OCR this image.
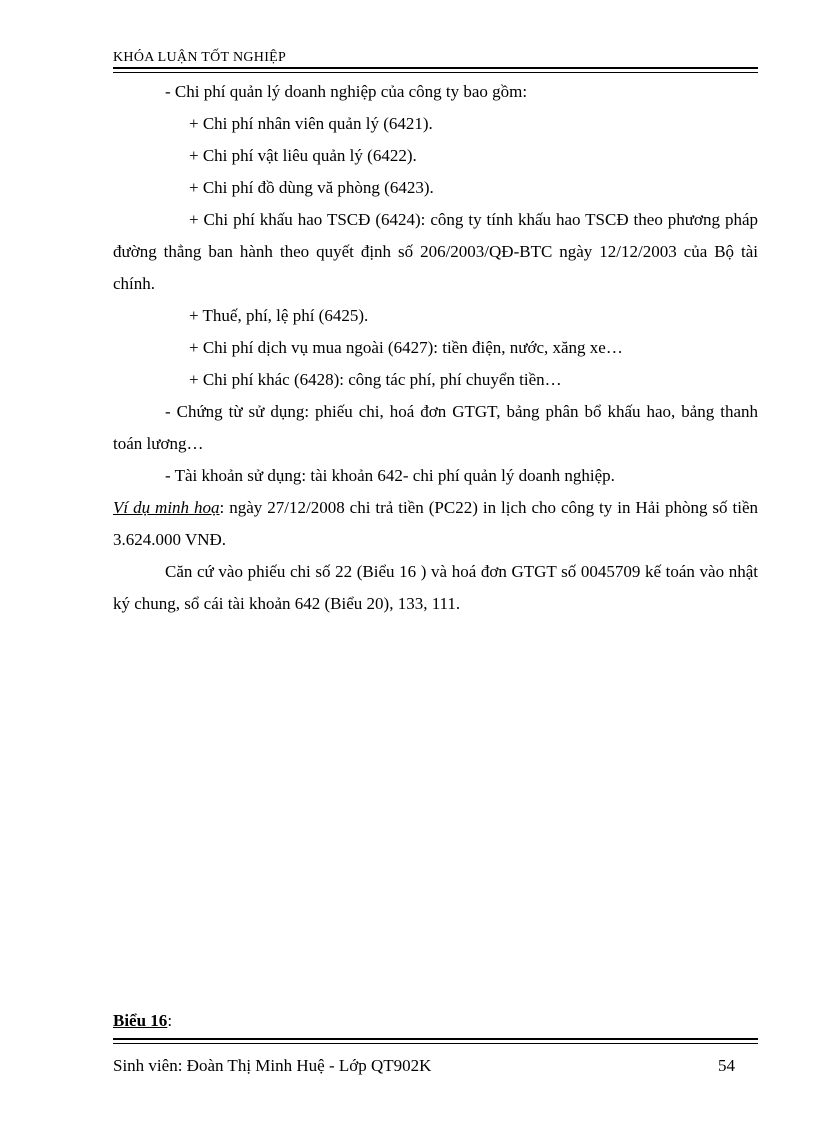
KHÓA LUẬN TỐT NGHIỆP

- Chi phí quản lý doanh nghiệp của công ty bao gồm:

+ Chi phí nhân viên quản lý (6421).

+ Chi phí vật liêu quản lý (6422).

+ Chi phí đồ dùng vă phòng (6423).

+ Chi phí khấu hao TSCĐ (6424): công ty tính khấu hao TSCĐ theo phương pháp đường thẳng ban hành theo quyết định số 206/2003/QĐ-BTC ngày 12/12/2003 của Bộ tài chính.

+ Thuế, phí, lệ phí (6425).

+ Chi phí dịch vụ mua ngoài (6427): tiền điện, nước, xăng xe…

+ Chi phí khác (6428): công tác phí, phí chuyển tiền…

- Chứng từ sử dụng: phiếu chi, hoá đơn GTGT, bảng phân bổ khấu hao, bảng thanh toán lương…

- Tài khoản sử dụng: tài khoản 642- chi phí quản lý doanh nghiệp.

Ví dụ minh hoạ: ngày 27/12/2008 chi trả tiền (PC22) in lịch cho công ty in Hải phòng số tiền 3.624.000 VNĐ.

Căn cứ vào phiếu chi số 22 (Biểu 16 ) và hoá đơn GTGT số 0045709 kế toán vào nhật ký chung, sổ cái tài khoản 642 (Biểu 20), 133, 111.

Biểu 16:
Sinh viên: Đoàn Thị Minh Huệ - Lớp QT902K	54
